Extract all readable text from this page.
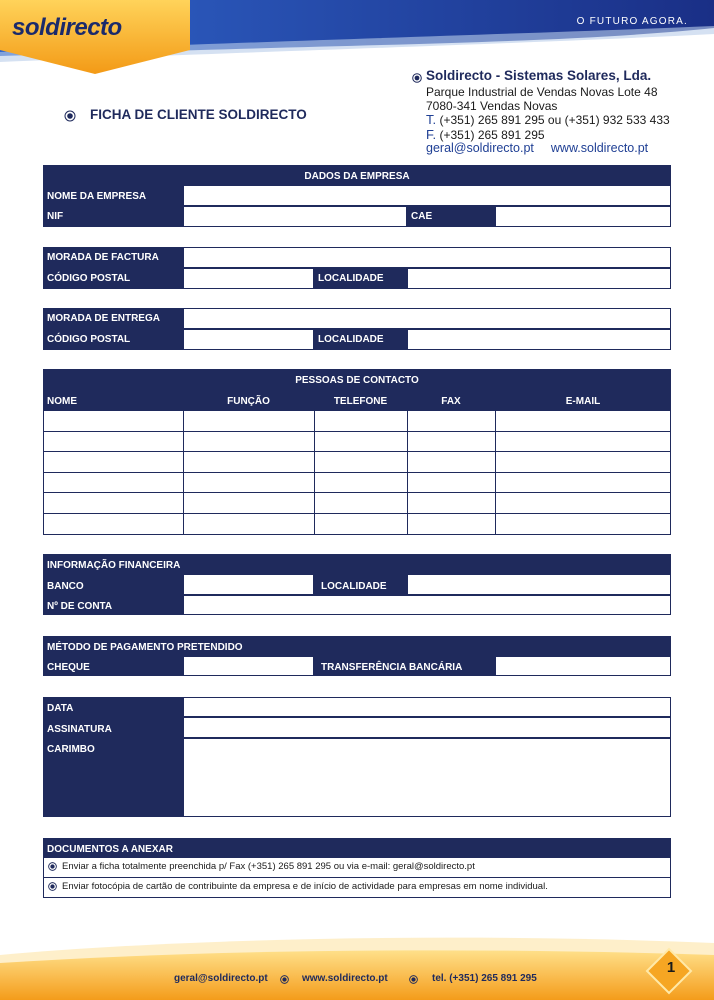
soldirecto	O FUTURO AGORA.
Soldirecto - Sistemas Solares, Lda.
Parque Industrial de Vendas Novas Lote 48
7080-341 Vendas Novas
T. (+351) 265 891 295 ou (+351) 932 533 433
F. (+351) 265 891 295
geral@soldirecto.pt www.soldirecto.pt
FICHA DE CLIENTE SOLDIRECTO
DADOS DA EMPRESA
NOME DA EMPRESA
NIF	CAE
MORADA DE FACTURA
CÓDIGO POSTAL	LOCALIDADE
MORADA DE ENTREGA
CÓDIGO POSTAL	LOCALIDADE
PESSOAS DE CONTACTO
NOME	FUNÇÃO	TELEFONE	FAX	E-MAIL
INFORMAÇÃO FINANCEIRA
BANCO	LOCALIDADE
Nº DE CONTA
MÉTODO DE PAGAMENTO PRETENDIDO
CHEQUE	TRANSFERÊNCIA BANCÁRIA
DATA
ASSINATURA
CARIMBO
DOCUMENTOS A ANEXAR
Enviar a ficha totalmente preenchida p/ Fax (+351) 265 891 295 ou via e-mail: geral@soldirecto.pt
Enviar fotocópia de cartão de contribuinte da empresa e de início de actividade para empresas em nome individual.
geral@soldirecto.pt	www.soldirecto.pt	tel. (+351) 265 891 295
1
